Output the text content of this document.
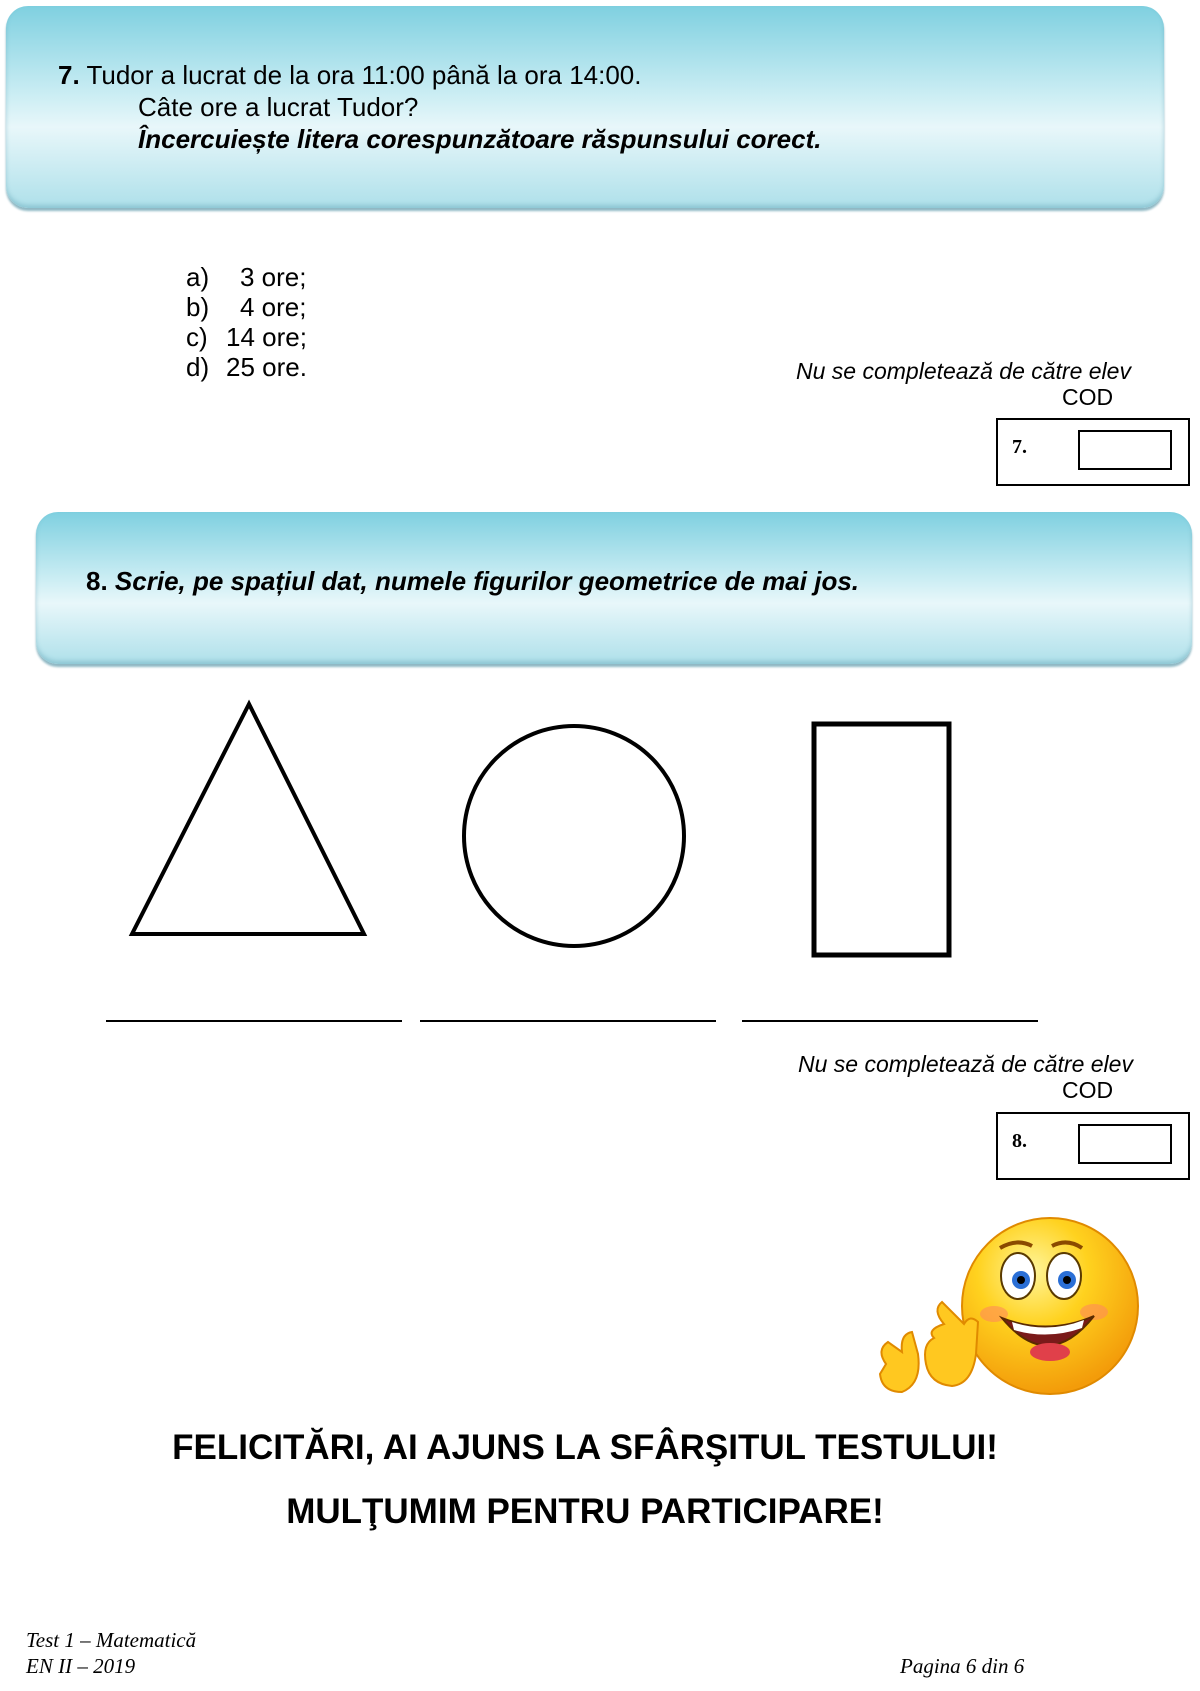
7. Tudor a lucrat de la ora 11:00 până la ora 14:00.
Câte ore a lucrat Tudor?
Încercuiește litera corespunzătoare răspunsului corect.
a) 3 ore;
b) 4 ore;
c) 14 ore;
d) 25 ore.	Nu se completează de către elev
COD
7.
8. Scrie, pe spațiul dat, numele figurilor geometrice de mai jos.
Nu se completează de către elev
COD
8.
FELICITĂRI, AI AJUNS LA SFÂRŞITUL TESTULUI!
MULŢUMIM PENTRU PARTICIPARE!
Test 1 – Matematică
EN II – 2019	Pagina 6 din 6
